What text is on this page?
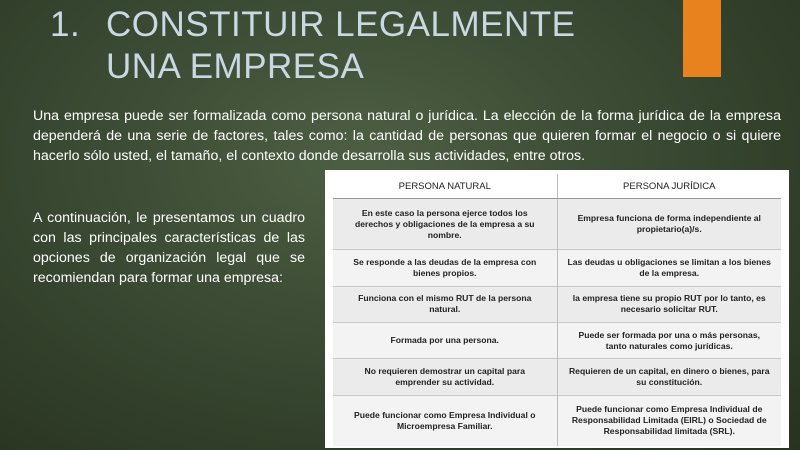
1. CONSTITUIR LEGALMENTE
UNA EMPRESA

Una empresa puede ser formalizada como persona natural o jurídica. La elección de la forma jurídica de la empresa dependerá de una serie de factores, tales como: la cantidad de personas que quieren formar el negocio o si quiere hacerlo sólo usted, el tamaño, el contexto donde desarrolla sus actividades, entre otros.

A continuación, le presentamos un cuadro con las principales características de las opciones de organización legal que se recomiendan para formar una empresa:

PERSONA NATURAL	PERSONA JURÍDICA
En este caso la persona ejerce todos los derechos y obligaciones de la empresa a su nombre.	Empresa funciona de forma independiente al propietario(a)/s.
Se responde a las deudas de la empresa con bienes propios.	Las deudas u obligaciones se limitan a los bienes de la empresa.
Funciona con el mismo RUT de la persona natural.	la empresa tiene su propio RUT por lo tanto, es necesario solicitar RUT.
Formada por una persona.	Puede ser formada por una o más personas, tanto naturales como jurídicas.
No requieren demostrar un capital para emprender su actividad.	Requieren de un capital, en dinero o bienes, para su constitución.
Puede funcionar como Empresa Individual o Microempresa Familiar.	Puede funcionar como Empresa Individual de Responsabilidad Limitada (EIRL) o Sociedad de Responsabilidad limitada (SRL).
